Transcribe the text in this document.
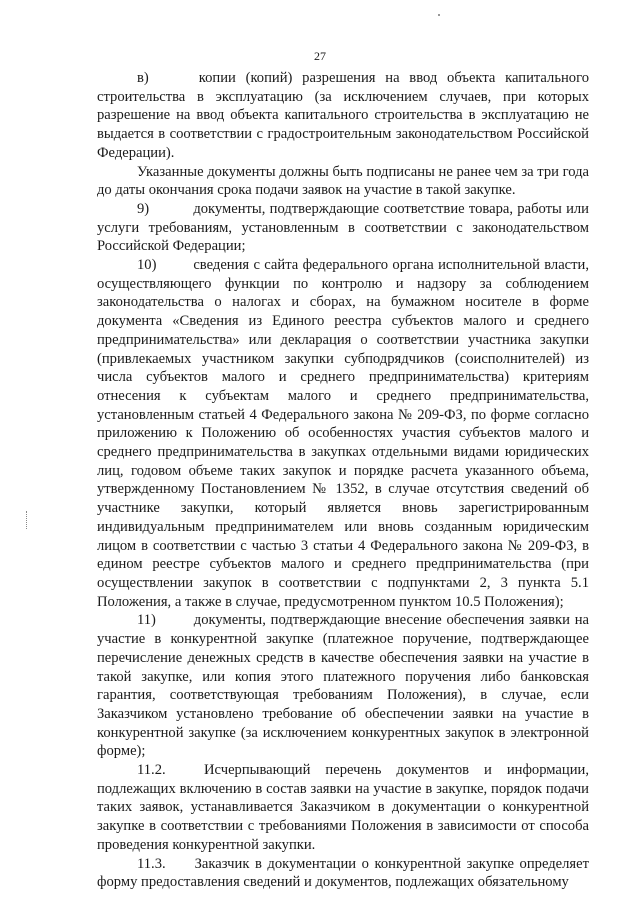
27

в)	копии (копий) разрешения на ввод объекта капитального строительства в эксплуатацию (за исключением случаев, при которых разрешение на ввод объекта капитального строительства в эксплуатацию не выдается в соответствии с градостроительным законодательством Российской Федерации).

Указанные документы должны быть подписаны не ранее чем за три года до даты окончания срока подачи заявок на участие в такой закупке.

9)	документы, подтверждающие соответствие товара, работы или услуги требованиям, установленным в соответствии с законодательством Российской Федерации;

10)	сведения с сайта федерального органа исполнительной власти, осуществляющего функции по контролю и надзору за соблюдением законодательства о налогах и сборах, на бумажном носителе в форме документа «Сведения из Единого реестра субъектов малого и среднего предпринимательства» или декларация о соответствии участника закупки (привлекаемых участником закупки субподрядчиков (соисполнителей) из числа субъектов малого и среднего предпринимательства) критериям отнесения к субъектам малого и среднего предпринимательства, установленным статьей 4 Федерального закона № 209-ФЗ, по форме согласно приложению к Положению об особенностях участия субъектов малого и среднего предпринимательства в закупках отдельными видами юридических лиц, годовом объеме таких закупок и порядке расчета указанного объема, утвержденному Постановлением № 1352, в случае отсутствия сведений об участнике закупки, который является вновь зарегистрированным индивидуальным предпринимателем или вновь созданным юридическим лицом в соответствии с частью 3 статьи 4 Федерального закона № 209-ФЗ, в едином реестре субъектов малого и среднего предпринимательства (при осуществлении закупок в соответствии с подпунктами 2, 3 пункта 5.1 Положения, а также в случае, предусмотренном пунктом 10.5 Положения);

11)	документы, подтверждающие внесение обеспечения заявки на участие в конкурентной закупке (платежное поручение, подтверждающее перечисление денежных средств в качестве обеспечения заявки на участие в такой закупке, или копия этого платежного поручения либо банковская гарантия, соответствующая требованиям Положения), в случае, если Заказчиком установлено требование об обеспечении заявки на участие в конкурентной закупке (за исключением конкурентных закупок в электронной форме);

11.2.	Исчерпывающий перечень документов и информации, подлежащих включению в состав заявки на участие в закупке, порядок подачи таких заявок, устанавливается Заказчиком в документации о конкурентной закупке в соответствии с требованиями Положения в зависимости от способа проведения конкурентной закупки.

11.3. Заказчик в документации о конкурентной закупке определяет форму предоставления сведений и документов, подлежащих обязательному
